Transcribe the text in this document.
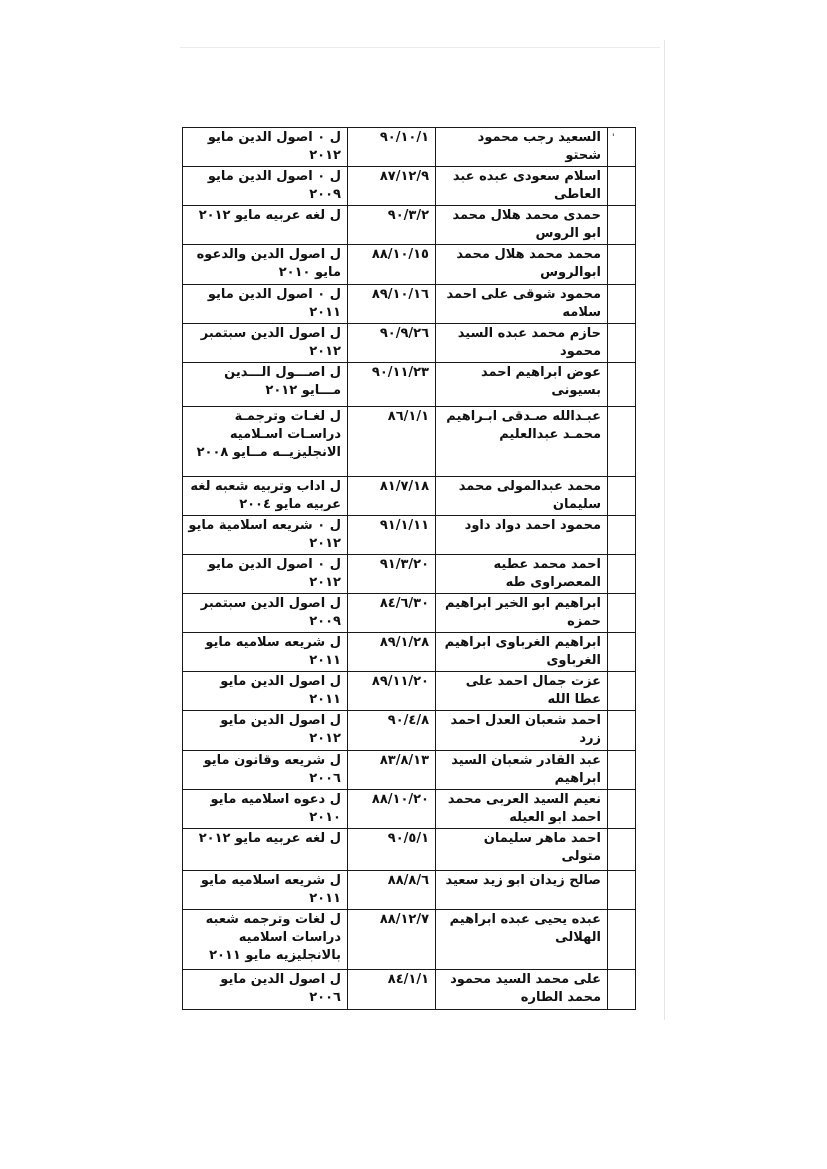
ل ٠ اصول الدين مايو ٢٠١٢	٩٠/١٠/١	السعيد رجب محمود شحتو	'

ل ٠ اصول الدين مايو ٢٠٠٩	٨٧/١٢/٩	اسلام سعودى عبده عبد العاطى	
ل لغه عربيه مايو ٢٠١٢	٩٠/٣/٢	حمدى محمد هلال محمد ابو الروس	
ل اصول الدين والدعوه مايو ٢٠١٠	٨٨/١٠/١٥	محمد محمد هلال محمد ابوالروس	
ل ٠ اصول الدين مايو ٢٠١١	٨٩/١٠/١٦	محمود شوقى على احمد سلامه	
ل اصول الدين سبتمبر ٢٠١٢	٩٠/٩/٢٦	حازم محمد عبده السيد محمود	
ل اصـــول الـــدين مـــايو ٢٠١٢	٩٠/١١/٢٣	عوض ابراهيم احمد بسيونى	
ل لغـات وترجمـة دراسـات اسـلاميه الانجليزيــه مــايو ٢٠٠٨	٨٦/١/١	عبـدالله صـدقى ابـراهيم محمـد عبدالعليم	
ل اداب وتربيه شعبه لغه عربيه مايو ٢٠٠٤	٨١/٧/١٨	محمد عبدالمولى محمد سليمان	
ل ٠ شريعه اسلامية مايو ٢٠١٢	٩١/١/١١	محمود احمد دواد داود	
ل ٠ اصول الدين مايو ٢٠١٢	٩١/٣/٢٠	احمد محمد عطيه المعصراوى طه	
ل اصول الدين سبتمبر ٢٠٠٩	٨٤/٦/٣٠	ابراهيم ابو الخير ابراهيم حمزه	
ل شريعه سلاميه مايو ٢٠١١	٨٩/١/٢٨	ابراهيم الغرباوى ابراهيم الغرباوى	
ل اصول الدين مايو ٢٠١١	٨٩/١١/٢٠	عزت جمال احمد على عطا الله	
ل اصول الدين مايو ٢٠١٢	٩٠/٤/٨	احمد شعبان العدل احمد زرد	
ل شريعه وقانون مايو ٢٠٠٦	٨٣/٨/١٣	عبد القادر شعبان السيد ابراهيم	
ل دعوه اسلاميه مايو ٢٠١٠	٨٨/١٠/٢٠	نعيم السيد العربى محمد احمد ابو العيله	
ل لغه عربيه مايو ٢٠١٢	٩٠/٥/١	احمد ماهر سليمان متولى	
ل شريعه اسلاميه مايو ٢٠١١	٨٨/٨/٦	صالح زيدان ابو زيد سعيد	
ل لغات وترجمه شعبه دراسات اسلاميه بالانجليزيه مايو ٢٠١١	٨٨/١٢/٧	عبده يحيى عبده ابراهيم الهلالى	
ل اصول الدين مايو ٢٠٠٦	٨٤/١/١	على محمد السيد محمود محمد الطاره	
